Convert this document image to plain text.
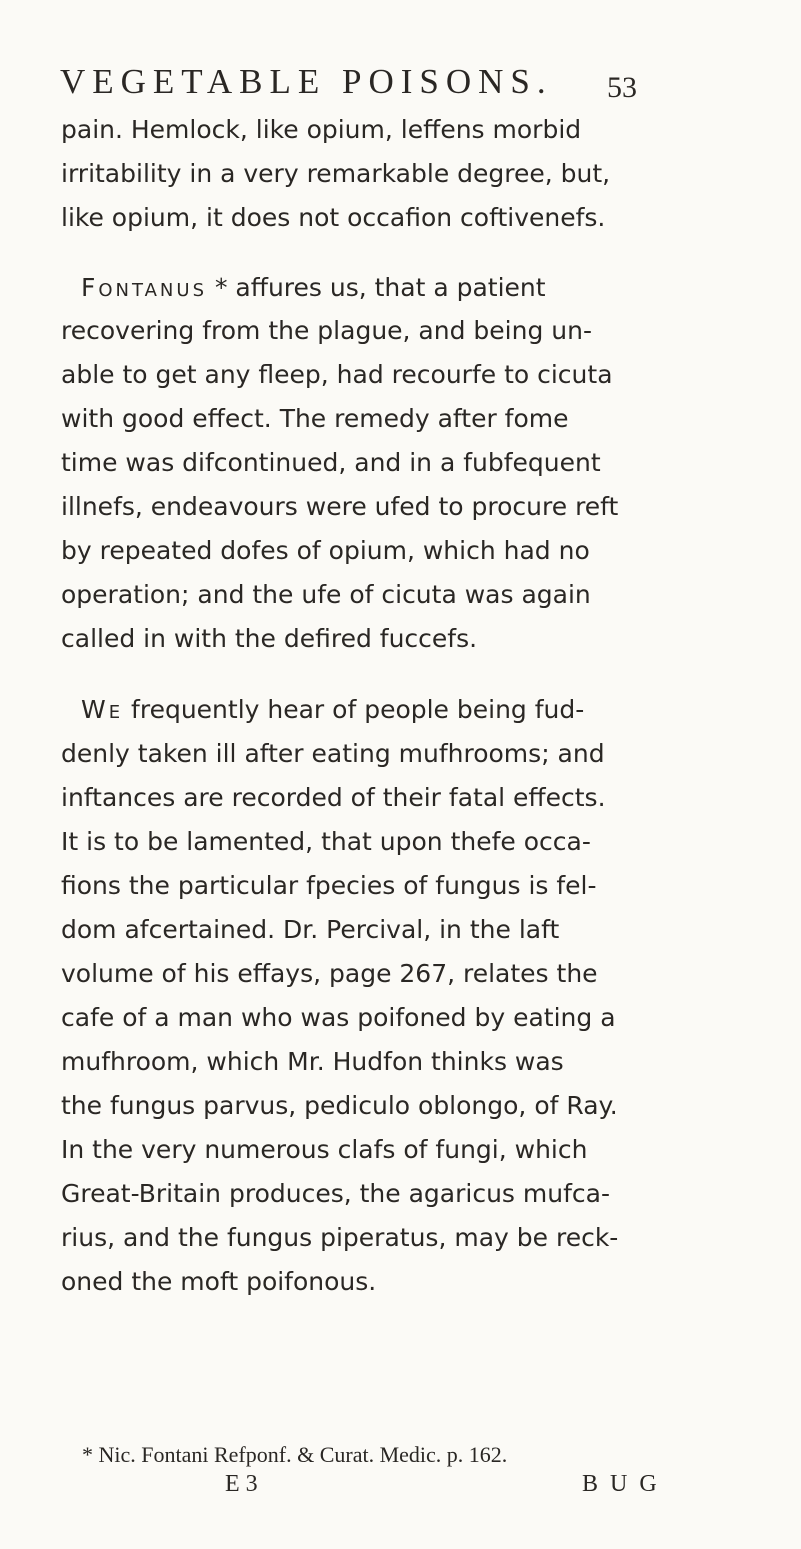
VEGETABLE POISONS. 53
pain. Hemlock, like opium, leffens morbid
irritability in a very remarkable degree, but,
like opium, it does not occafion coftivenefs.
Fontanus * affures us, that a patient
recovering from the plague, and being un-
able to get any fleep, had recourfe to cicuta
with good effect. The remedy after fome
time was difcontinued, and in a fubfequent
illnefs, endeavours were ufed to procure reft
by repeated dofes of opium, which had no
operation; and the ufe of cicuta was again
called in with the defired fuccefs.
We frequently hear of people being fud-
denly taken ill after eating mufhrooms; and
inftances are recorded of their fatal effects.
It is to be lamented, that upon thefe occa-
fions the particular fpecies of fungus is fel-
dom afcertained. Dr. Percival, in the laft
volume of his effays, page 267, relates the
cafe of a man who was poifoned by eating a
mufhroom, which Mr. Hudfon thinks was
the fungus parvus, pediculo oblongo, of Ray.
In the very numerous clafs of fungi, which
Great-Britain produces, the agaricus mufca-
rius, and the fungus piperatus, may be reck-
oned the moft poifonous.
* Nic. Fontani Refponf. & Curat. Medic. p. 162.
E 3	B U G
